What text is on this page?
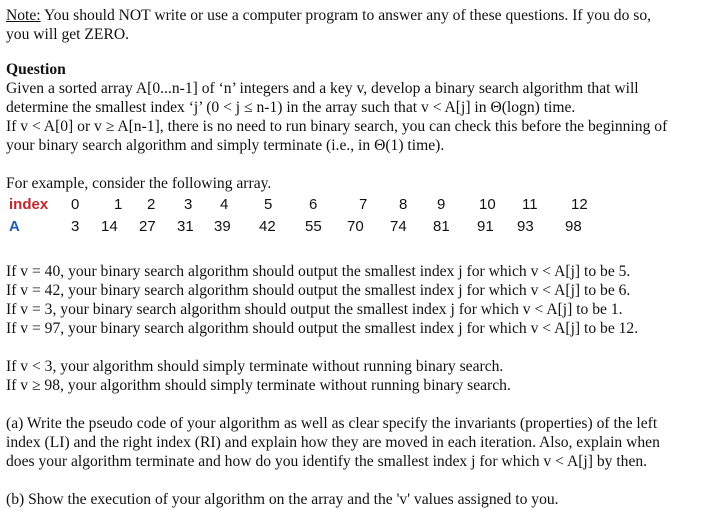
Note: You should NOT write or use a computer program to answer any of these questions. If you do so,
you will get ZERO.
Question
Given a sorted array A[0...n-1] of ‘n’ integers and a key v, develop a binary search algorithm that will
determine the smallest index ‘j’ (0 < j ≤ n-1) in the array such that v < A[j] in Θ(logn) time.
If v < A[0] or v ≥ A[n-1], there is no need to run binary search, you can check this before the beginning of
your binary search algorithm and simply terminate (i.e., in Θ(1) time).
For example, consider the following array.
index 0 1 2 3 4 5 6	7 8 9 10 11 12
A	3 14 27 31 39 42 55 70 74 81 91 93 98
If v = 40, your binary search algorithm should output the smallest index j for which v < A[j] to be 5.
If v = 42, your binary search algorithm should output the smallest index j for which v < A[j] to be 6.
If v = 3, your binary search algorithm should output the smallest index j for which v < A[j] to be 1.
If v = 97, your binary search algorithm should output the smallest index j for which v < A[j] to be 12.
If v < 3, your algorithm should simply terminate without running binary search.
If v ≥ 98, your algorithm should simply terminate without running binary search.
(a) Write the pseudo code of your algorithm as well as clear specify the invariants (properties) of the left
index (LI) and the right index (RI) and explain how they are moved in each iteration. Also, explain when
does your algorithm terminate and how do you identify the smallest index j for which v < A[j] by then.
(b) Show the execution of your algorithm on the array and the 'v' values assigned to you.
